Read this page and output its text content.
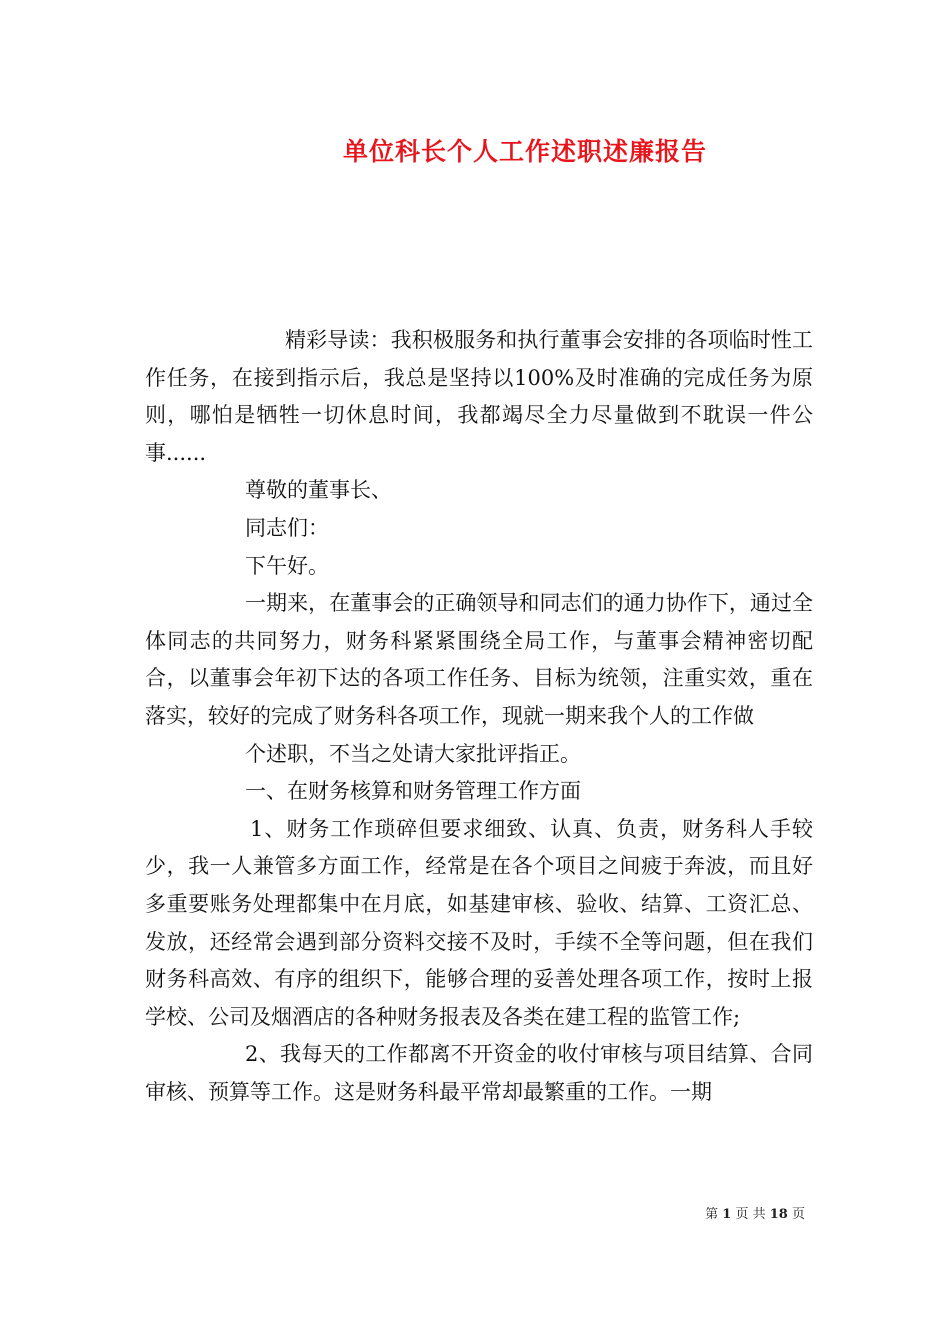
单位科长个人工作述职述廉报告

精彩导读：我积极服务和执行董事会安排的各项临时性工作任务，在接到指示后，我总是坚持以100%及时准确的完成任务为原则，哪怕是牺牲一切休息时间，我都竭尽全力尽量做到不耽误一件公事......

尊敬的董事长、

同志们：

下午好。

一期来，在董事会的正确领导和同志们的通力协作下，通过全体同志的共同努力，财务科紧紧围绕全局工作，与董事会精神密切配合，以董事会年初下达的各项工作任务、目标为统领，注重实效，重在落实，较好的完成了财务科各项工作，现就一期来我个人的工作做

个述职，不当之处请大家批评指正。

一、在财务核算和财务管理工作方面

1、财务工作琐碎但要求细致、认真、负责，财务科人手较少，我一人兼管多方面工作，经常是在各个项目之间疲于奔波，而且好多重要账务处理都集中在月底，如基建审核、验收、结算、工资汇总、发放，还经常会遇到部分资料交接不及时，手续不全等问题，但在我们财务科高效、有序的组织下，能够合理的妥善处理各项工作，按时上报学校、公司及烟酒店的各种财务报表及各类在建工程的监管工作;

2、我每天的工作都离不开资金的收付审核与项目结算、合同审核、预算等工作。这是财务科最平常却最繁重的工作。一期

第 1 页 共 18 页
